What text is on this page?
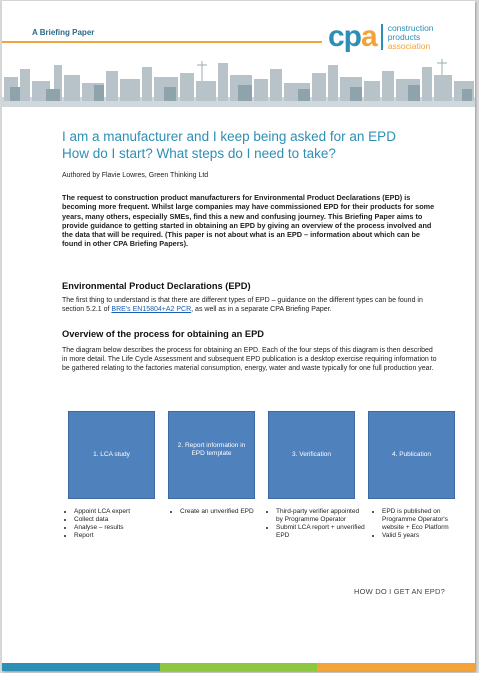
A Briefing Paper	cpa construction
products
association
I am a manufacturer and I keep being asked for an EPD
How do I start? What steps do I need to take?
Authored by Flavie Lowres, Green Thinking Ltd
The request to construction product manufacturers for Environmental Product Declarations (EPD) is becoming more frequent. Whilst large companies may have commissioned EPD for their products for some years, many others, especially SMEs, find this a new and confusing journey. This Briefing Paper aims to provide guidance to getting started in obtaining an EPD by giving an overview of the process involved and the data that will be required. (This paper is not about what is an EPD – information about which can be found in other CPA Briefing Papers).
Environmental Product Declarations (EPD)
The first thing to understand is that there are different types of EPD – guidance on the different types can be found in section 5.2.1 of BRE's EN15804+A2 PCR, as well as in a separate CPA Briefing Paper.
Overview of the process for obtaining an EPD
The diagram below describes the process for obtaining an EPD. Each of the four steps of this diagram is then described in more detail. The Life Cycle Assessment and subsequent EPD publication is a desktop exercise requiring information to be gathered relating to the factories material consumption, energy, water and waste typically for one full production year.
1. LCA study
2. Report information in EPD template	3. Verification	4. Publication
• Appoint LCA expert
• Collect data
• Analyse – results
• Report
• Create an unverified EPD
•	Third-party verifier appointed by Programme Operator
• Submit LCA report + unverified EPD
• EPD is published on Programme Operator's website + Eco Platform
• Valid 5 years
HOW DO I GET AN EPD?
